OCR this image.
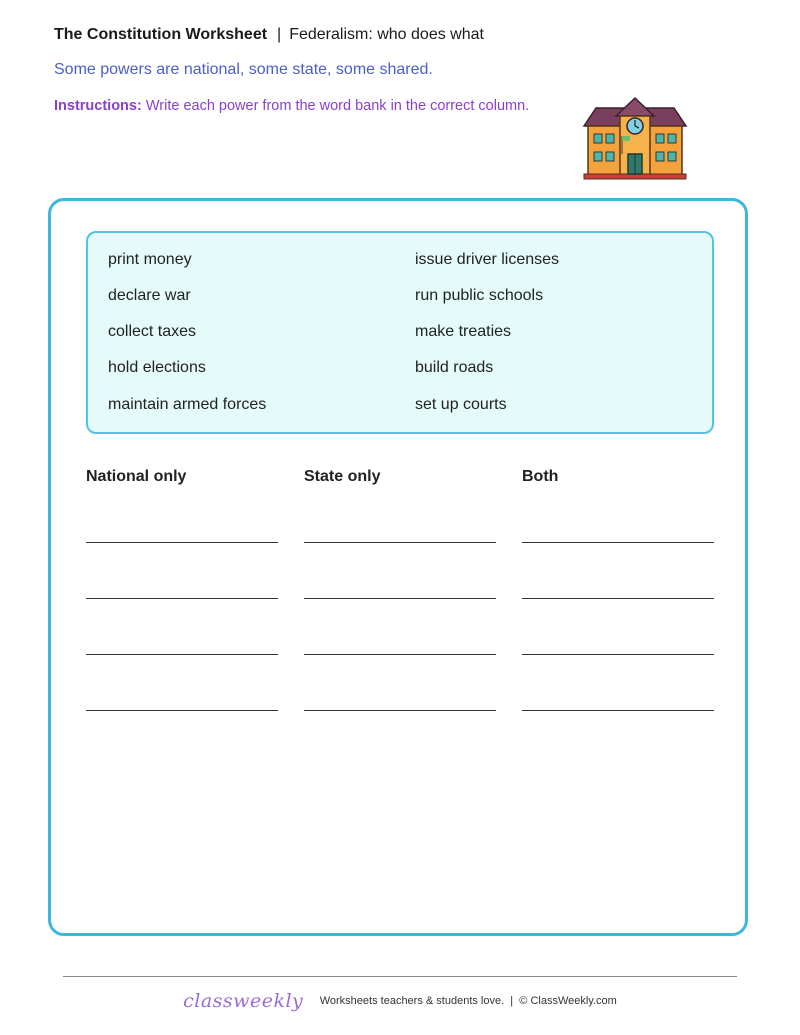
The Constitution Worksheet | Federalism: who does what
Some powers are national, some state, some shared.
Instructions: Write each power from the word bank in the correct column.
print money
declare war
collect taxes
hold elections
maintain armed forces
issue driver licenses
run public schools
make treaties
build roads
set up courts
National only	State only	Both
classweekly Worksheets teachers & students love. | © ClassWeekly.com
